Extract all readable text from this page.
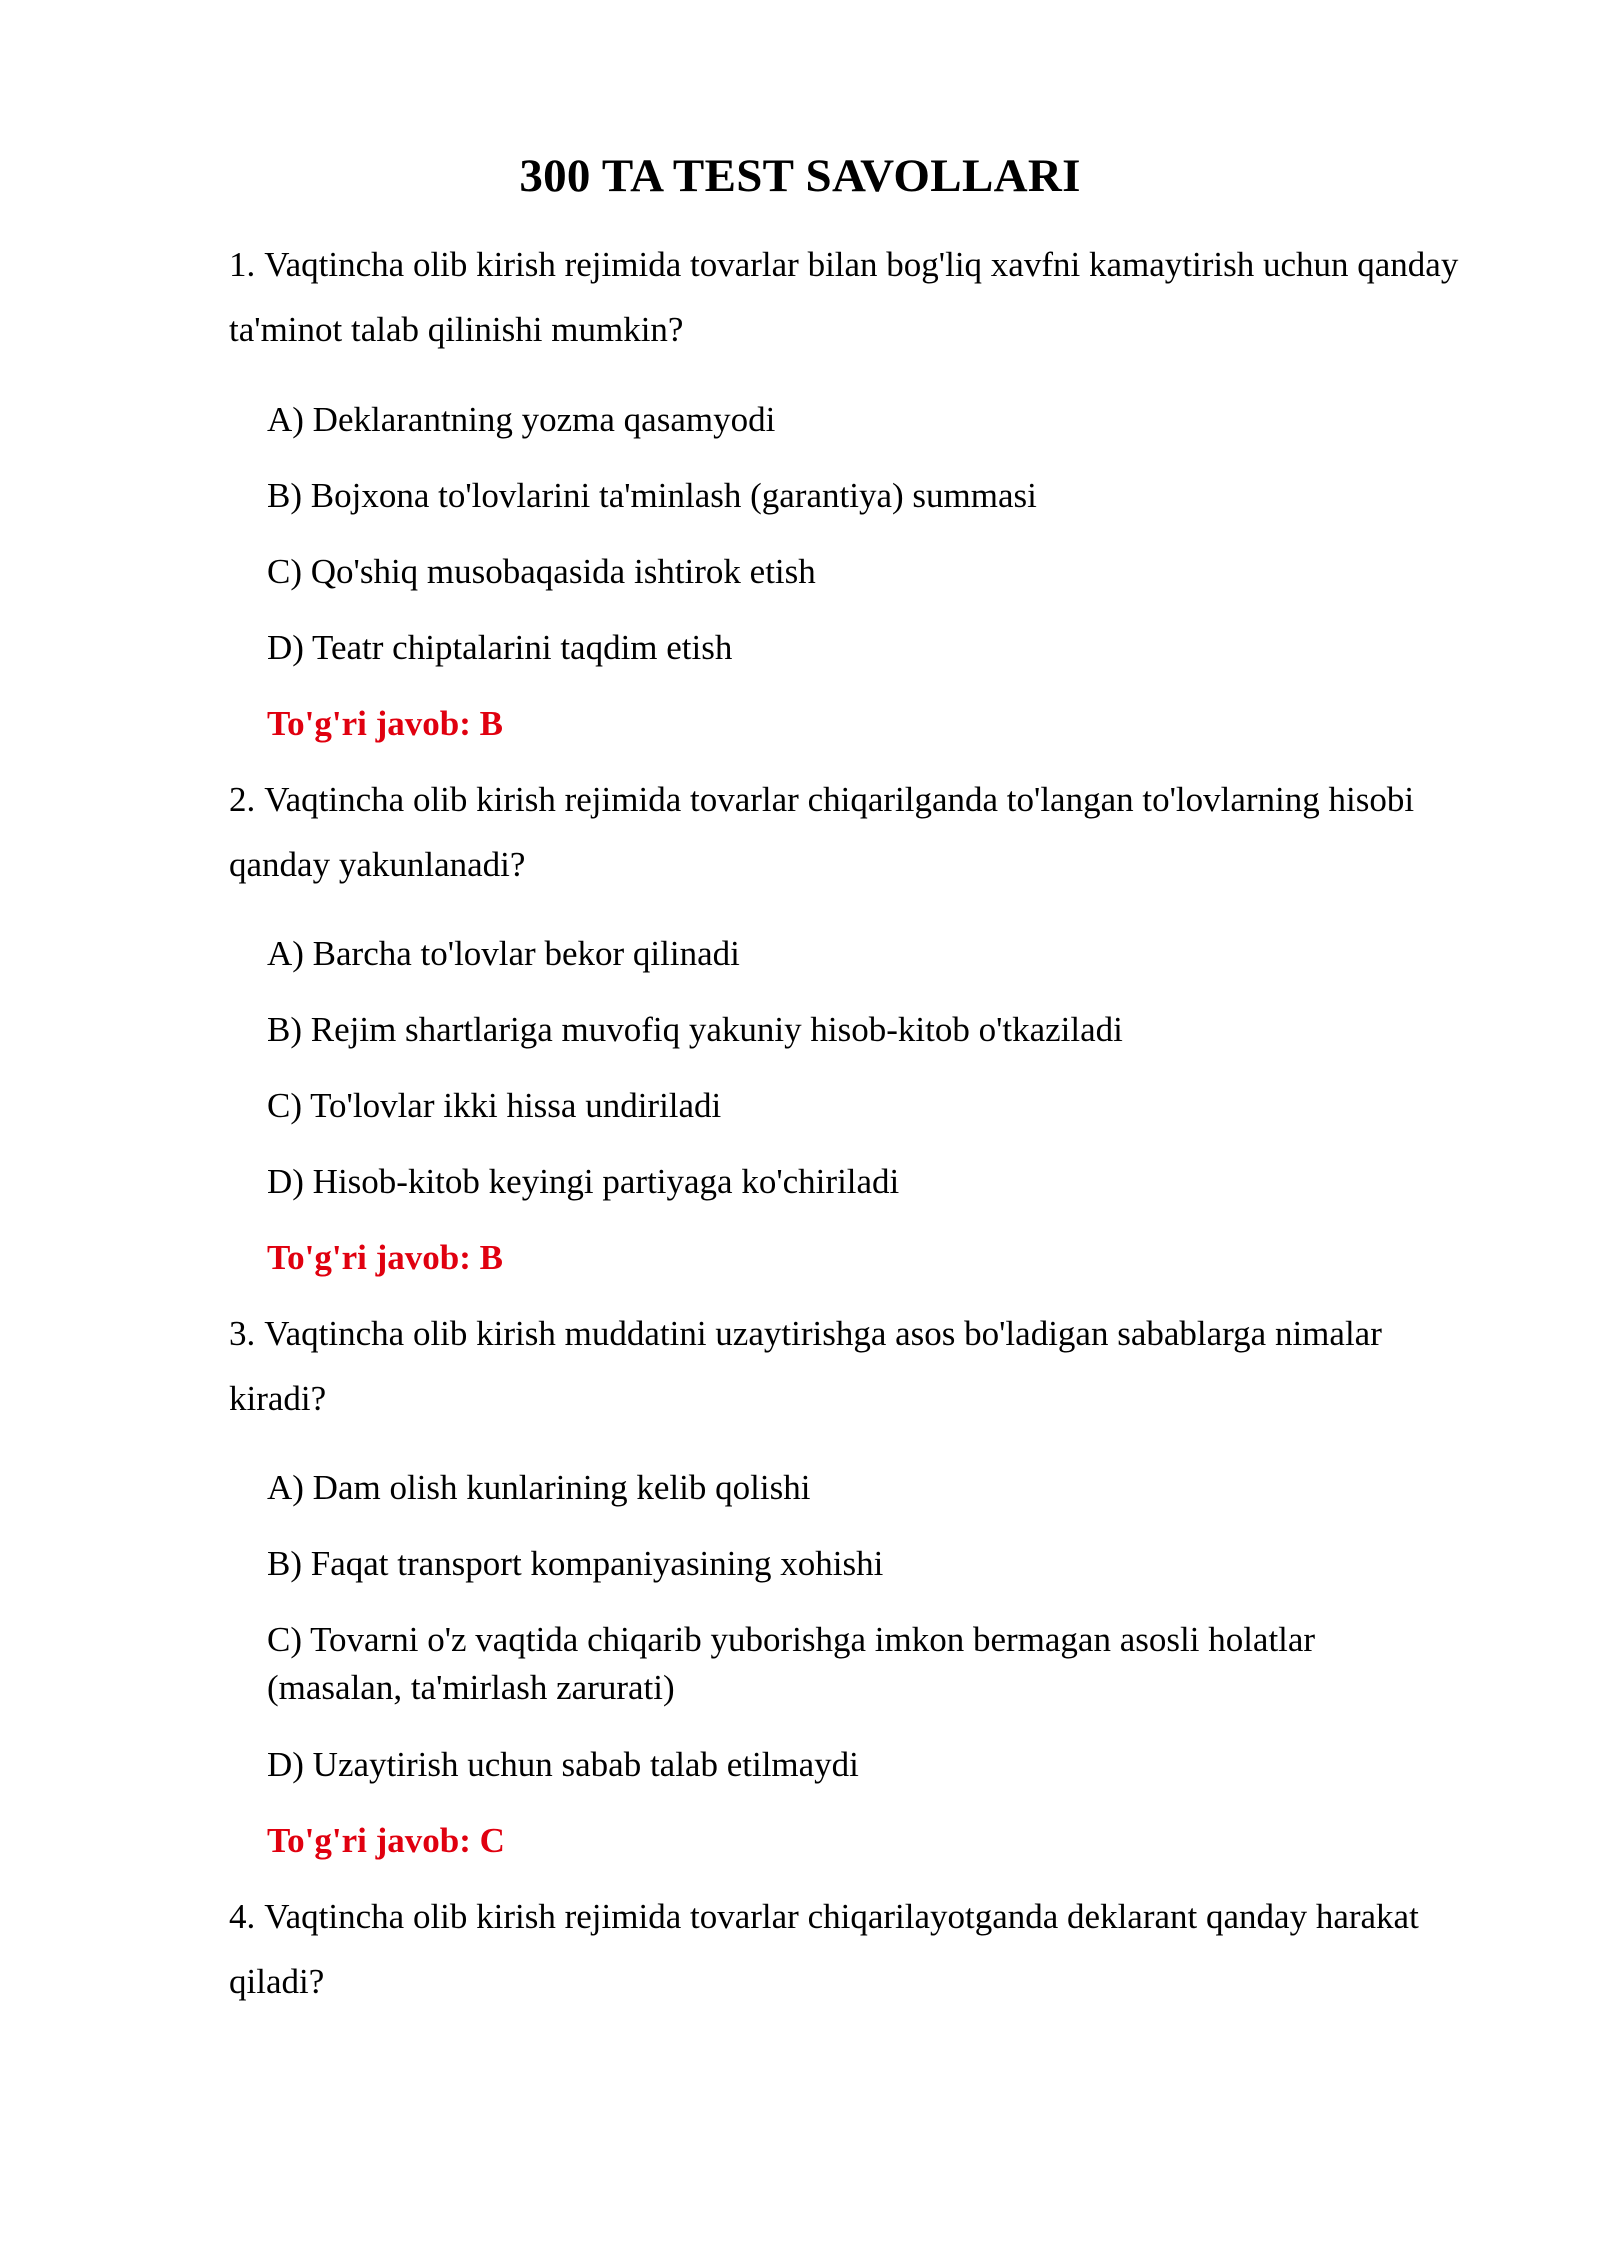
300 TA TEST SAVOLLARI

1. Vaqtincha olib kirish rejimida tovarlar bilan bog'liq xavfni kamaytirish uchun qanday ta'minot talab qilinishi mumkin?

A) Deklarantning yozma qasamyodi

B) Bojxona to'lovlarini ta'minlash (garantiya) summasi

C) Qo'shiq musobaqasida ishtirok etish

D) Teatr chiptalarini taqdim etish

To'g'ri javob: B

2. Vaqtincha olib kirish rejimida tovarlar chiqarilganda to'langan to'lovlarning hisobi qanday yakunlanadi?

A) Barcha to'lovlar bekor qilinadi

B) Rejim shartlariga muvofiq yakuniy hisob-kitob o'tkaziladi

C) To'lovlar ikki hissa undiriladi

D) Hisob-kitob keyingi partiyaga ko'chiriladi

To'g'ri javob: B

3. Vaqtincha olib kirish muddatini uzaytirishga asos bo'ladigan sabablarga nimalar kiradi?

A) Dam olish kunlarining kelib qolishi

B) Faqat transport kompaniyasining xohishi

C) Tovarni o'z vaqtida chiqarib yuborishga imkon bermagan asosli holatlar (masalan, ta'mirlash zarurati)

D) Uzaytirish uchun sabab talab etilmaydi

To'g'ri javob: C

4. Vaqtincha olib kirish rejimida tovarlar chiqarilayotganda deklarant qanday harakat qiladi?
